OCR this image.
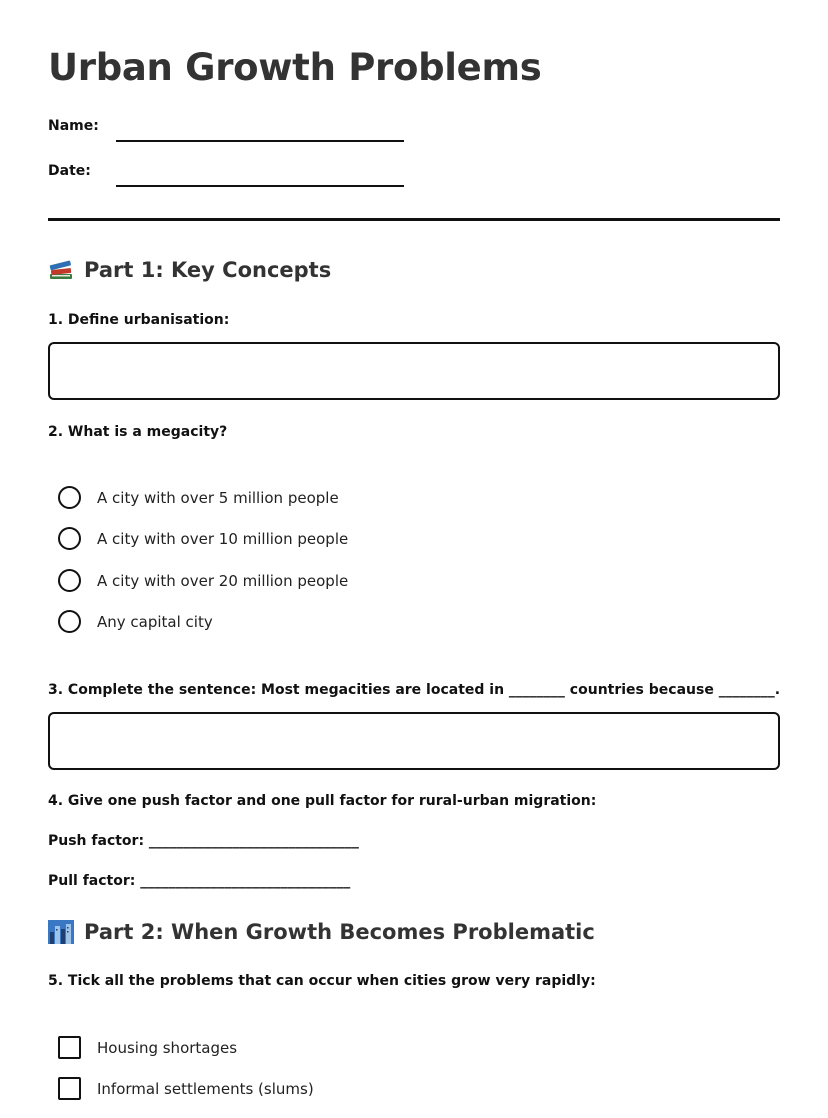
Urban Growth Problems
Name:
Date:
Part 1: Key Concepts
1. Define urbanisation:
2. What is a megacity?
A city with over 5 million people
A city with over 10 million people
A city with over 20 million people
Any capital city
3. Complete the sentence: Most megacities are located in ________ countries because ________.
4. Give one push factor and one pull factor for rural-urban migration:
Push factor: ______________________________
Pull factor: ______________________________
Part 2: When Growth Becomes Problematic
5. Tick all the problems that can occur when cities grow very rapidly:
Housing shortages
Informal settlements (slums)
